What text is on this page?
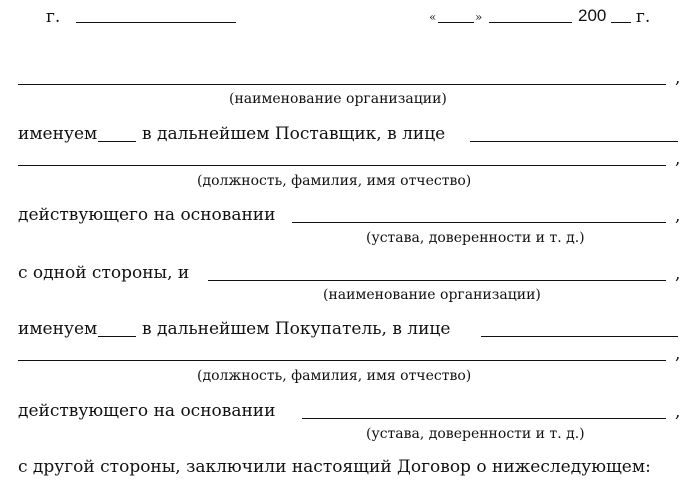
г.	«	»	200 г.
,
(наименование организации)
именуем	в дальнейшем Поставщик, в лице
,
(должность, фамилия, имя отчество)
действующего на основании	,
(устава, доверенности и т. д.)
с одной стороны, и	,
(наименование организации)
именуем	в дальнейшем Покупатель, в лице
,
(должность, фамилия, имя отчество)
действующего на основании	,
(устава, доверенности и т. д.)
с другой стороны, заключили настоящий Договор о нижеследующем:
